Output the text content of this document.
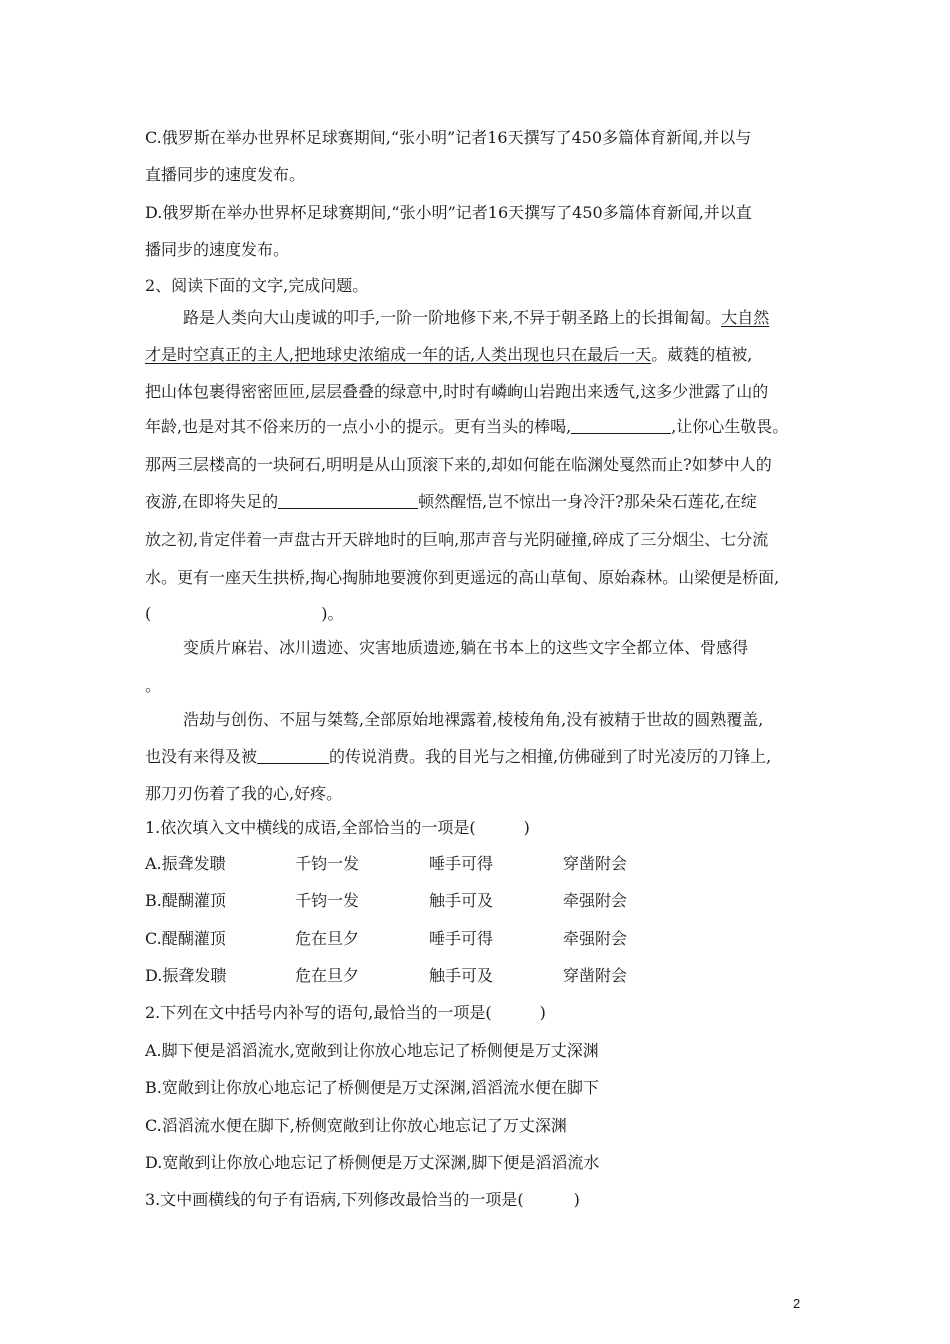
C.俄罗斯在举办世界杯足球赛期间,“张小明”记者16天撰写了450多篇体育新闻,并以与
直播同步的速度发布。
D.俄罗斯在举办世界杯足球赛期间,“张小明”记者16天撰写了450多篇体育新闻,并以直
播同步的速度发布。
2、阅读下面的文字,完成问题。
路是人类向大山虔诚的叩手,一阶一阶地修下来,不异于朝圣路上的长揖匍匐。大自然
才是时空真正的主人,把地球史浓缩成一年的话,人类出现也只在最后一天。葳蕤的植被,
把山体包裹得密密匝匝,层层叠叠的绿意中,时时有嶙峋山岩跑出来透气,这多少泄露了山的
年龄,也是对其不俗来历的一点小小的提示。更有当头的棒喝,	,让你心生敬畏。
那两三层楼高的一块砢石,明明是从山顶滚下来的,却如何能在临渊处戛然而止?如梦中人的
夜游,在即将失足的	顿然醒悟,岂不惊出一身冷汗?那朵朵石莲花,在绽
放之初,肯定伴着一声盘古开天辟地时的巨响,那声音与光阴碰撞,碎成了三分烟尘、七分流
水。更有一座天生拱桥,掏心掏肺地要渡你到更遥远的高山草甸、原始森林。山梁便是桥面,
(	)。
变质片麻岩、冰川遗迹、灾害地质遗迹,躺在书本上的这些文字全都立体、骨感得
。
浩劫与创伤、不屈与桀骜,全部原始地裸露着,棱棱角角,没有被精于世故的圆熟覆盖,
也没有来得及被	的传说消费。我的目光与之相撞,仿佛碰到了时光凌厉的刀锋上,
那刀刃伤着了我的心,好疼。
1.依次填入文中横线的成语,全部恰当的一项是(	)
A.振聋发聩	千钧一发	唾手可得	穿凿附会
B.醍醐灌顶	千钧一发	触手可及	牵强附会
C.醍醐灌顶	危在旦夕	唾手可得	牵强附会
D.振聋发聩	危在旦夕	触手可及	穿凿附会
2.下列在文中括号内补写的语句,最恰当的一项是(	)
A.脚下便是滔滔流水,宽敞到让你放心地忘记了桥侧便是万丈深渊
B.宽敞到让你放心地忘记了桥侧便是万丈深渊,滔滔流水便在脚下
C.滔滔流水便在脚下,桥侧宽敞到让你放心地忘记了万丈深渊
D.宽敞到让你放心地忘记了桥侧便是万丈深渊,脚下便是滔滔流水
3.文中画横线的句子有语病,下列修改最恰当的一项是(	)
2
